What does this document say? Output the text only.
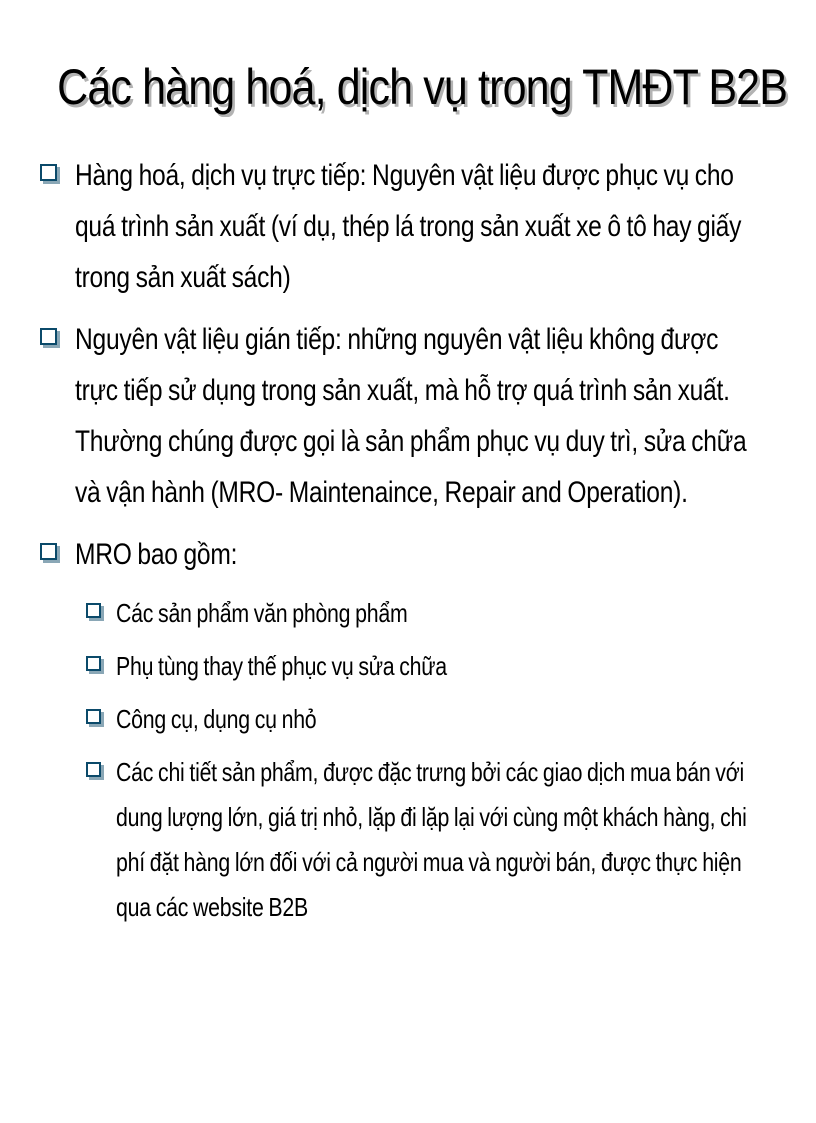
Các hàng hoá, dịch vụ trong TMĐT B2B
Hàng hoá, dịch vụ trực tiếp: Nguyên vật liệu được phục vụ cho quá trình sản xuất (ví dụ, thép lá trong sản xuất xe ô tô hay giấy trong sản xuất sách)
Nguyên vật liệu gián tiếp: những nguyên vật liệu không được trực tiếp sử dụng trong sản xuất, mà hỗ trợ quá trình sản xuất. Thường chúng được gọi là sản phẩm phục vụ duy trì, sửa chữa và vận hành (MRO- Maintenaince, Repair and Operation).
MRO bao gồm:
Các sản phẩm văn phòng phẩm
Phụ tùng thay thế phục vụ sửa chữa
Công cụ, dụng cụ nhỏ
Các chi tiết sản phẩm, được đặc trưng bởi các giao dịch mua bán với dung lượng lớn, giá trị nhỏ, lặp đi lặp lại với cùng một khách hàng, chi phí đặt hàng lớn đối với cả người mua và người bán, được thực hiện qua các website B2B
